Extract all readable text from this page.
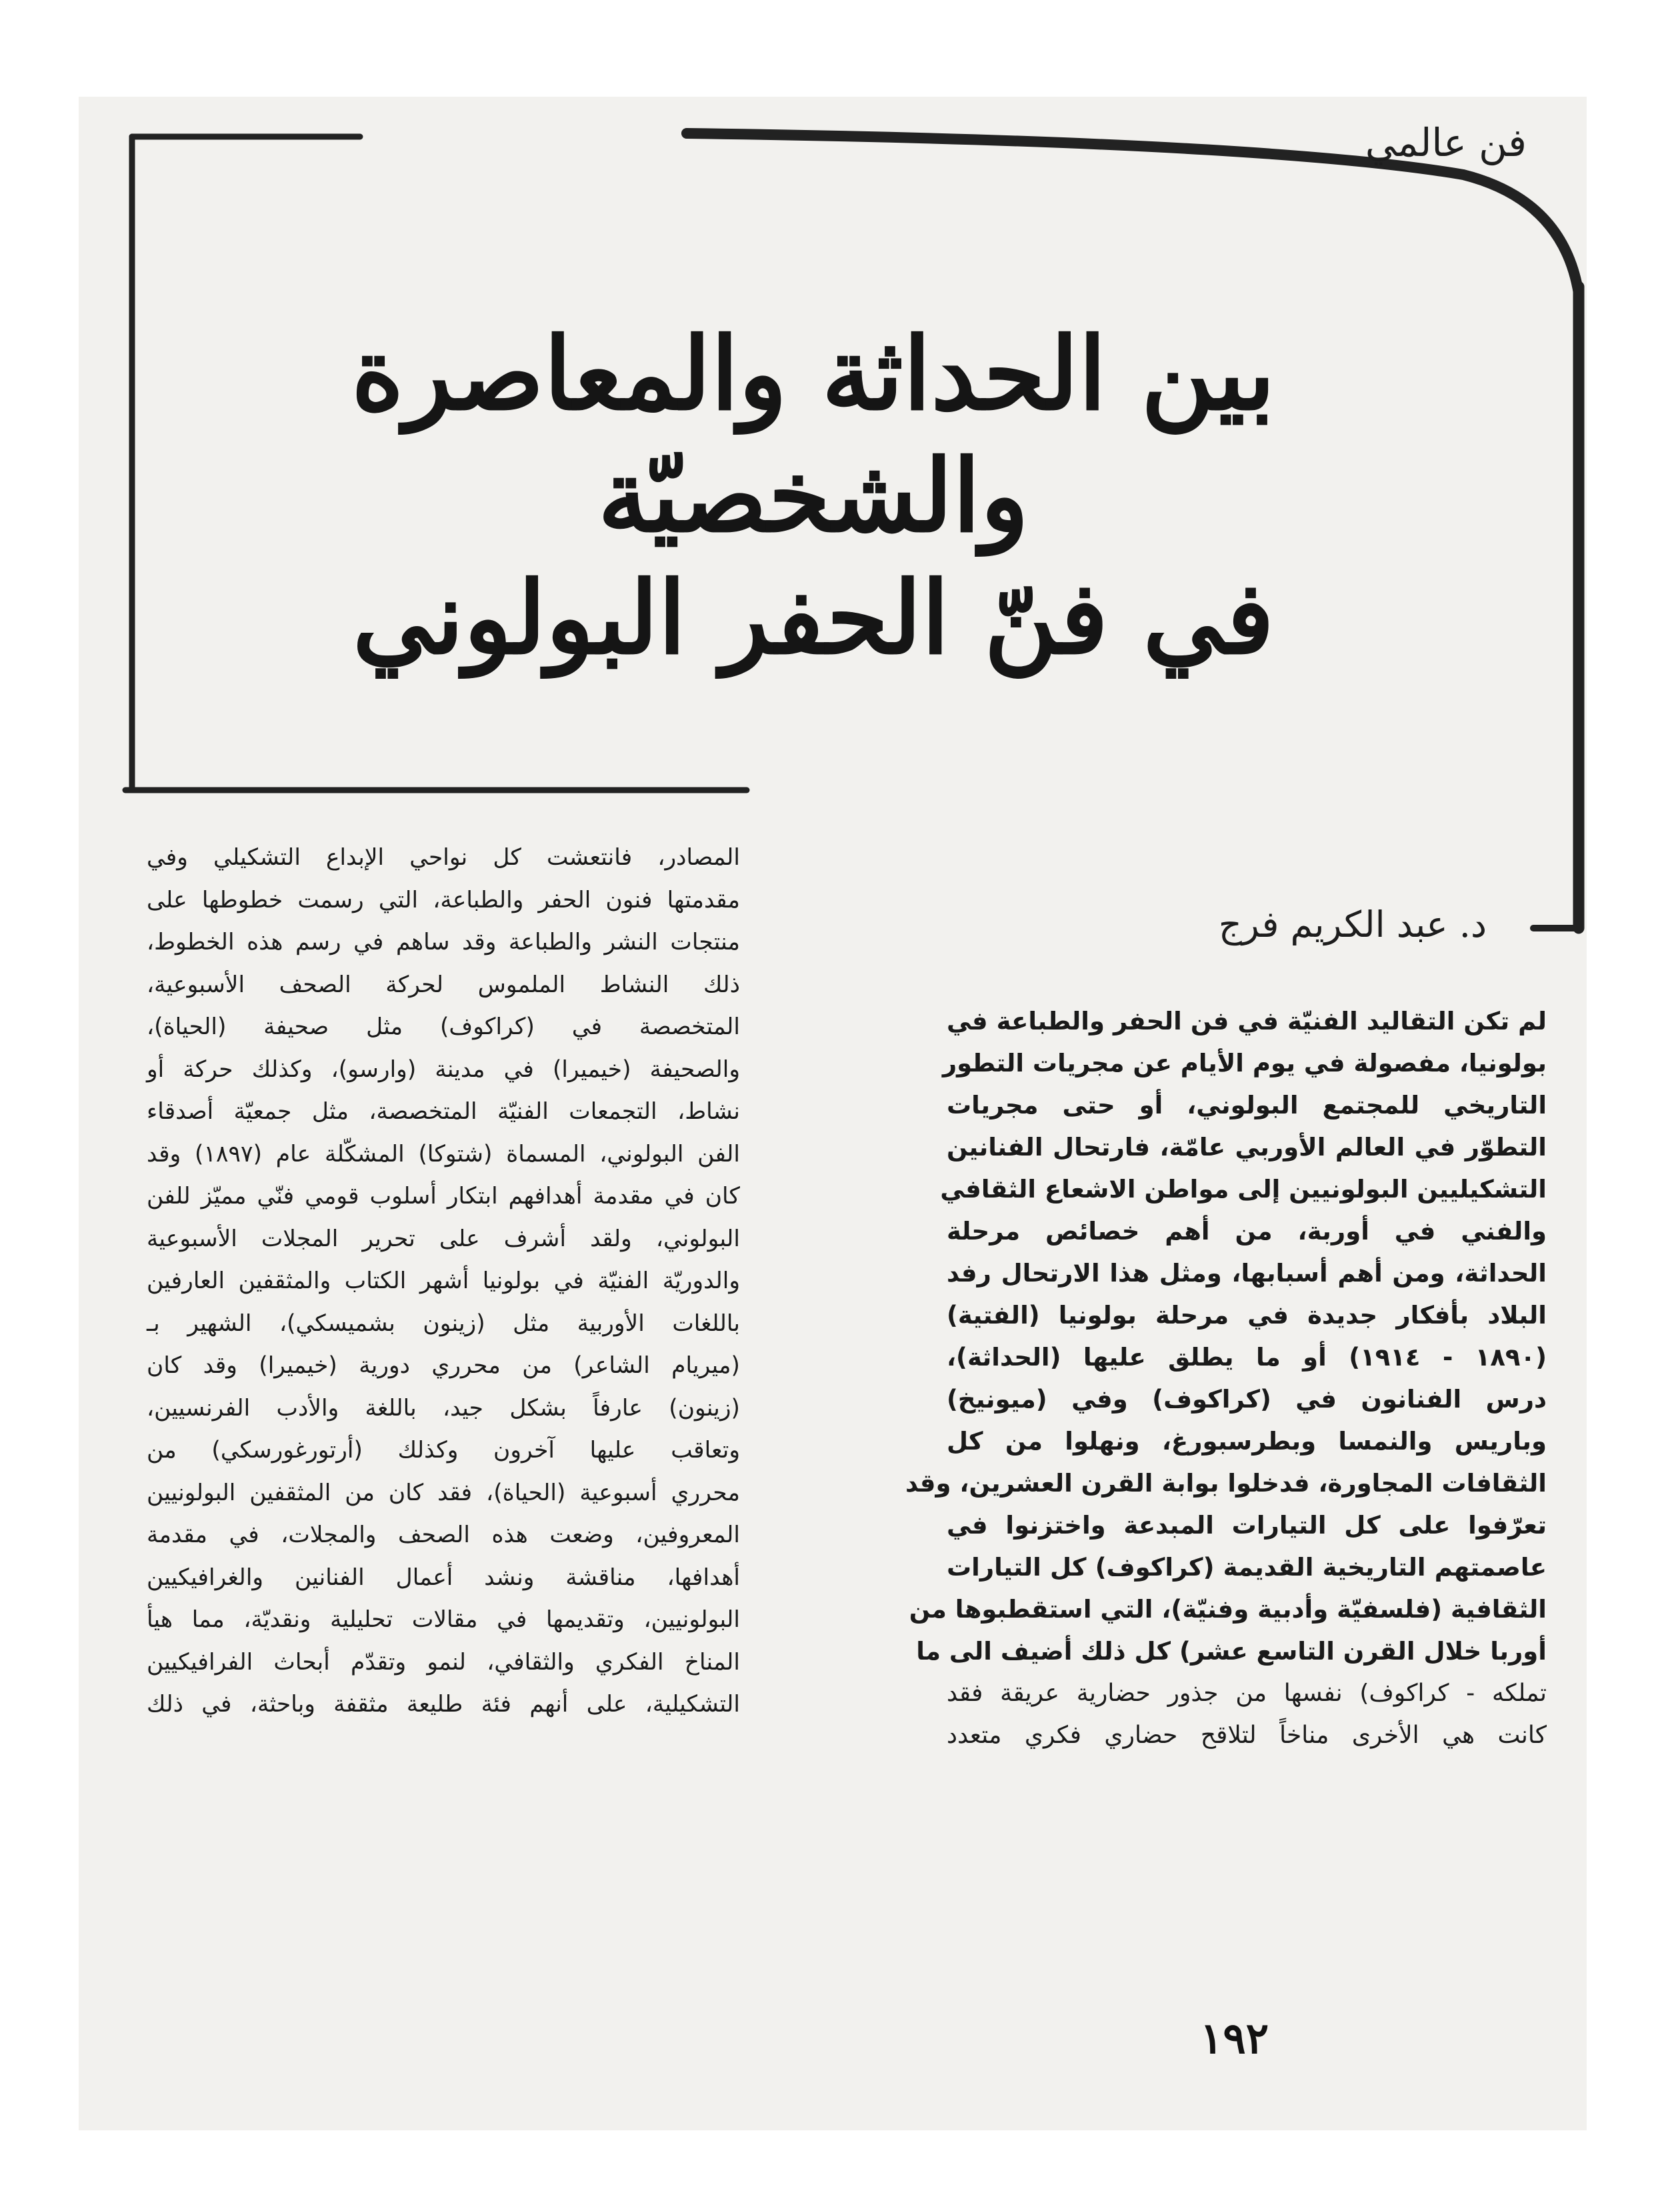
فن عالمي
بين الحداثة والمعاصرة
والشخصيّة
في فنّ الحفر البولوني
د. عبد الكريم فرج

لم تكن التقاليد الفنيّة في فن الحفر والطباعة في

بولونيا، مفصولة في يوم الأيام عن مجريات التطور

التاريخي للمجتمع البولوني، أو حتى مجريات

التطوّر في العالم الأوربي عامّة، فارتحال الفنانين

التشكيليين البولونيين إلى مواطن الاشعاع الثقافي

والفني في أوربة، من أهم خصائص مرحلة

الحداثة، ومن أهم أسبابها، ومثل هذا الارتحال رفد

البلاد بأفكار جديدة في مرحلة بولونيا (الفتية)

(١٨٩٠ - ١٩١٤) أو ما يطلق عليها (الحداثة)،

درس الفنانون في (كراكوف) وفي (ميونيخ)

وباريس والنمسا وبطرسبورغ، ونهلوا من كل

الثقافات المجاورة، فدخلوا بوابة القرن العشرين، وقد

تعرّفوا على كل التيارات المبدعة واختزنوا في

عاصمتهم التاريخية القديمة (كراكوف) كل التيارات

الثقافية (فلسفيّة وأدبية وفنيّة)، التي استقطبوها من

أوربا خلال القرن التاسع عشر) كل ذلك أضيف الى ما

تملكه - كراكوف) نفسها من جذور حضارية عريقة فقد

كانت هي الأخرى مناخاً لتلاقح حضاري فكري متعدد

المصادر، فانتعشت كل نواحي الإبداع التشكيلي وفي

مقدمتها فنون الحفر والطباعة، التي رسمت خطوطها على

منتجات النشر والطباعة وقد ساهم في رسم هذه الخطوط،

ذلك النشاط الملموس لحركة الصحف الأسبوعية،

المتخصصة في (كراكوف) مثل صحيفة (الحياة)،

والصحيفة (خيميرا) في مدينة (وارسو)، وكذلك حركة أو

نشاط، التجمعات الفنيّة المتخصصة، مثل جمعيّة أصدقاء

الفن البولوني، المسماة (شتوكا) المشكّلة عام (١٨٩٧) وقد

كان في مقدمة أهدافهم ابتكار أسلوب قومي فنّي مميّز للفن

البولوني، ولقد أشرف على تحرير المجلات الأسبوعية

والدوريّة الفنيّة في بولونيا أشهر الكتاب والمثقفين العارفين

باللغات الأوربية مثل (زينون بشميسكي)، الشهير بـ

(ميريام الشاعر) من محرري دورية (خيميرا) وقد كان

(زينون) عارفاً بشكل جيد، باللغة والأدب الفرنسيين،

وتعاقب عليها آخرون وكذلك (أرتورغورسكي) من

محرري أسبوعية (الحياة)، فقد كان من المثقفين البولونيين

المعروفين، وضعت هذه الصحف والمجلات، في مقدمة

أهدافها، مناقشة ونشد أعمال الفنانين والغرافيكيين

البولونيين، وتقديمها في مقالات تحليلية ونقديّة، مما هيأ

المناخ الفكري والثقافي، لنمو وتقدّم أبحاث الفرافيكيين

التشكيلية، على أنهم فئة طليعة مثقفة وباحثة، في ذلك

١٩٢
